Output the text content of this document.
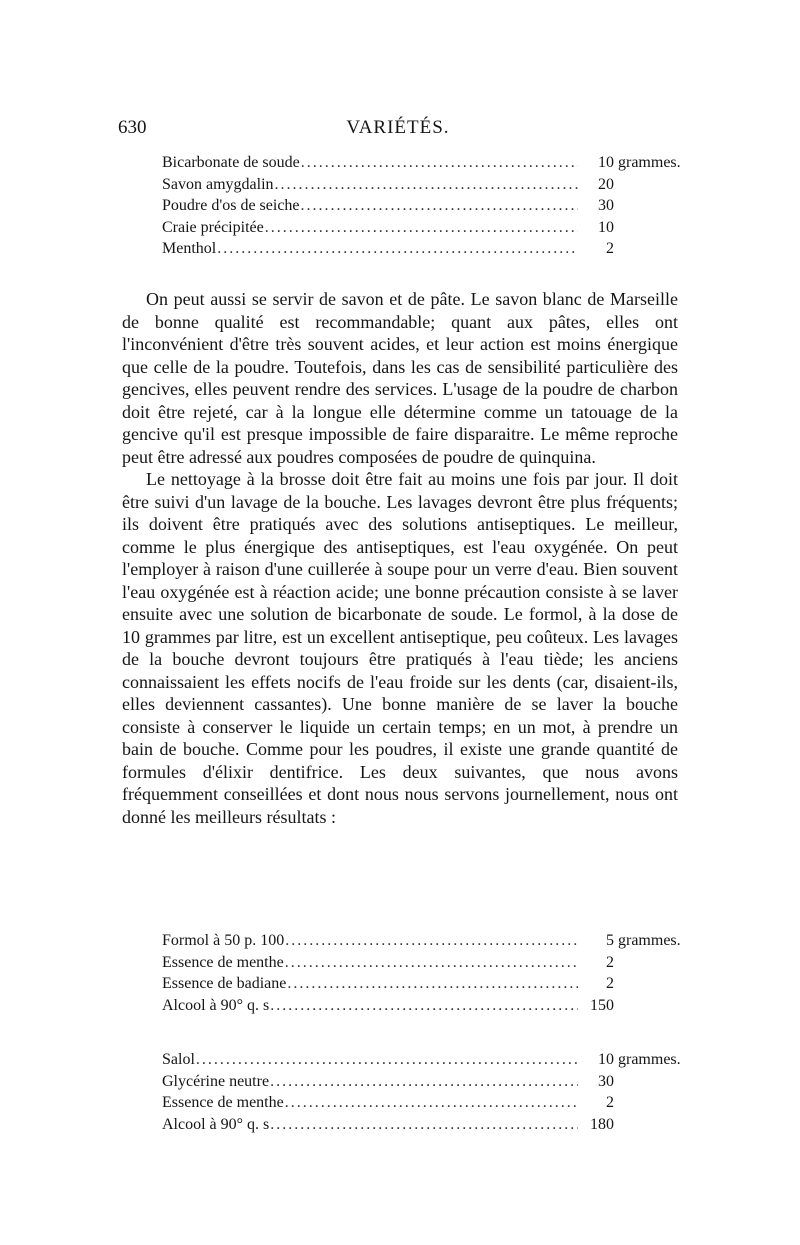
630	VARIÉTÉS.
Bicarbonate de soude .....	10 grammes.
Savon amygdalin .....	20
Poudre d'os de seiche .....	30
Craie précipitée .....	10
Menthol .....	2

On peut aussi se servir de savon et de pâte. Le savon blanc de Marseille de bonne qualité est recommandable; quant aux pâtes, elles ont l'inconvénient d'être très souvent acides, et leur action est moins énergique que celle de la poudre. Toutefois, dans les cas de sensibilité particulière des gencives, elles peuvent rendre des services. L'usage de la poudre de charbon doit être rejeté, car à la longue elle détermine comme un tatouage de la gencive qu'il est presque impossible de faire disparaitre. Le même reproche peut être adressé aux poudres composées de poudre de quinquina.

Le nettoyage à la brosse doit être fait au moins une fois par jour. Il doit être suivi d'un lavage de la bouche. Les lavages devront être plus fréquents; ils doivent être pratiqués avec des solutions antiseptiques. Le meilleur, comme le plus énergique des antiseptiques, est l'eau oxygénée. On peut l'employer à raison d'une cuillerée à soupe pour un verre d'eau. Bien souvent l'eau oxygénée est à réaction acide; une bonne précaution consiste à se laver ensuite avec une solution de bicarbonate de soude. Le formol, à la dose de 10 grammes par litre, est un excellent antiseptique, peu coûteux. Les lavages de la bouche devront toujours être pratiqués à l'eau tiède; les anciens connaissaient les effets nocifs de l'eau froide sur les dents (car, disaient-ils, elles deviennent cassantes). Une bonne manière de se laver la bouche consiste à conserver le liquide un certain temps; en un mot, à prendre un bain de bouche. Comme pour les poudres, il existe une grande quantité de formules d'élixir dentifrice. Les deux suivantes, que nous avons fréquemment conseillées et dont nous nous servons journellement, nous ont donné les meilleurs résultats :

Formol à 50 p. 100 .....	5 grammes.
Essence de menthe .....	2
Essence de badiane .....	2
Alcool à 90° q. s .....	150
Salol .....	10 grammes.
Glycérine neutre .....	30
Essence de menthe .....	2
Alcool à 90° q. s .....	180
